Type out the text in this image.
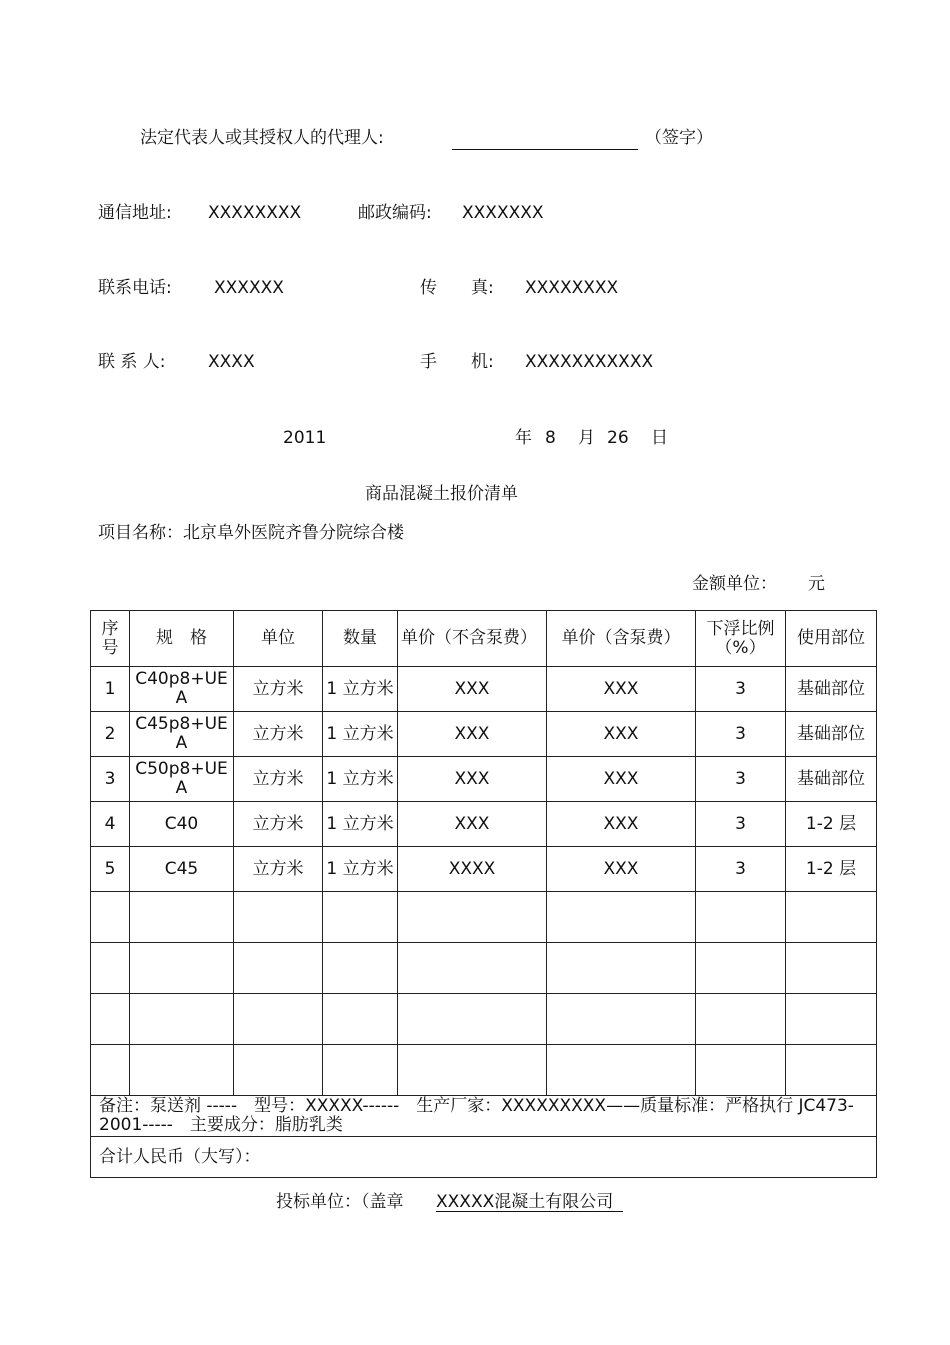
法定代表人或其授权人的代理人:	（签字）
通信地址: XXXXXXXX	邮政编码: XXXXXXX
联系电话: XXXXXX	传　　真: XXXXXXXX
联 系 人: XXXX	手　　机: XXXXXXXXXXX
2011	年 8 月 26 日
商品混凝土报价清单
项目名称：北京阜外医院齐鲁分院综合楼
金额单位： 元
序号	规　格	单位	数量	单价（不含泵费）	单价（含泵费）	下浮比例（%）	使用部位
1	C40p8+UEA	立方米	1 立方米	XXX	XXX	3	基础部位
2	C45p8+UEA	立方米	1 立方米	XXX	XXX	3	基础部位
3	C50p8+UEA	立方米	1 立方米	XXX	XXX	3	基础部位
4	C40	立方米	1 立方米	XXX	XXX	3	1-2 层
5	C45	立方米	1 立方米	XXXX	XXX	3	1-2 层

备注：泵送剂 -----　型号：XXXXX------　生产厂家：XXXXXXXXX——质量标准：严格执行 JC473-2001-----　主要成分：脂肪乳类							
合计人民币（大写）：							
投标单位：（盖章 XXXXX混凝土有限公司
